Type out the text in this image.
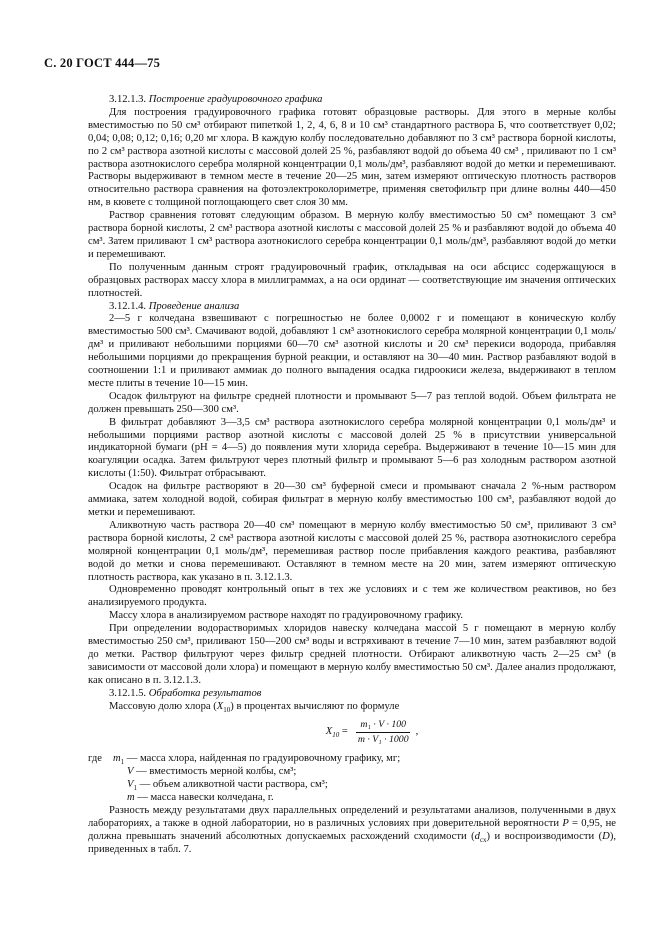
С. 20 ГОСТ 444—75

3.12.1.3. Построение градуировочного графика

Для построения градуировочного графика готовят образцовые растворы. Для этого в мерные колбы вместимостью по 50 см³ отбирают пипеткой 1, 2, 4, 6, 8 и 10 см³ стандартного раствора Б, что соответствует 0,02; 0,04; 0,08; 0,12; 0,16; 0,20 мг хлора. В каждую колбу последовательно добавляют по 3 см³ раствора борной кислоты, по 2 см³ раствора азотной кислоты с массовой долей 25 %, разбавляют водой до объема 40 см³ , приливают по 1 см³ раствора азотнокислого серебра молярной концентрации 0,1 моль/дм³, разбавляют водой до метки и перемешивают. Растворы выдерживают в темном месте в течение 20—25 мин, затем измеряют оптическую плотность растворов относительно раствора сравнения на фотоэлектроколориметре, применяя светофильтр при длине волны 440—450 нм, в кювете с толщиной поглощающего свет слоя 30 мм.

Раствор сравнения готовят следующим образом. В мерную колбу вместимостью 50 см³ помещают 3 см³ раствора борной кислоты, 2 см³ раствора азотной кислоты с массовой долей 25 % и разбавляют водой до объема 40 см³. Затем приливают 1 см³ раствора азотнокислого серебра концентрации 0,1 моль/дм³, разбавляют водой до метки и перемешивают.

По полученным данным строят градуировочный график, откладывая на оси абсцисс содержащуюся в образцовых растворах массу хлора в миллиграммах, а на оси ординат — соответствующие им значения оптических плотностей.

3.12.1.4. Проведение анализа

2—5 г колчедана взвешивают с погрешностью не более 0,0002 г и помещают в коническую колбу вместимостью 500 см³. Смачивают водой, добавляют 1 см³ азотнокислого серебра молярной концентрации 0,1 моль/дм³ и приливают небольшими порциями 60—70 см³ азотной кислоты и 20 см³ перекиси водорода, прибавляя небольшими порциями до прекращения бурной реакции, и оставляют на 30—40 мин. Раствор разбавляют водой в соотношении 1:1 и приливают аммиак до полного выпадения осадка гидроокиси железа, выдерживают в теплом месте плиты в течение 10—15 мин.

Осадок фильтруют на фильтре средней плотности и промывают 5—7 раз теплой водой. Объем фильтрата не должен превышать 250—300 см³.

В фильтрат добавляют 3—3,5 см³ раствора азотнокислого серебра молярной концентрации 0,1 моль/дм³ и небольшими порциями раствор азотной кислоты с массовой долей 25 % в присутствии универсальной индикаторной бумаги (рН = 4—5) до появления мути хлорида серебра. Выдерживают в течение 10—15 мин для коагуляции осадка. Затем фильтруют через плотный фильтр и промывают 5—6 раз холодным раствором азотной кислоты (1:50). Фильтрат отбрасывают.

Осадок на фильтре растворяют в 20—30 см³ буферной смеси и промывают сначала 2 %-ным раствором аммиака, затем холодной водой, собирая фильтрат в мерную колбу вместимостью 100 см³, разбавляют водой до метки и перемешивают.

Аликвотную часть раствора 20—40 см³ помещают в мерную колбу вместимостью 50 см³, приливают 3 см³ раствора борной кислоты, 2 см³ раствора азотной кислоты с массовой долей 25 %, раствора азотнокислого серебра молярной концентрации 0,1 моль/дм³, перемешивая раствор после прибавления каждого реактива, разбавляют водой до метки и снова перемешивают. Оставляют в темном месте на 20 мин, затем измеряют оптическую плотность раствора, как указано в п. 3.12.1.3.

Одновременно проводят контрольный опыт в тех же условиях и с тем же количеством реактивов, но без анализируемого продукта.

Массу хлора в анализируемом растворе находят по градуировочному графику.

При определении водорастворимых хлоридов навеску колчедана массой 5 г помещают в мерную колбу вместимостью 250 см³, приливают 150—200 см³ воды и встряхивают в течение 7—10 мин, затем разбавляют водой до метки. Раствор фильтруют через фильтр средней плотности. Отбирают аликвотную часть 2—25 см³ (в зависимости от массовой доли хлора) и помещают в мерную колбу вместимостью 50 см³. Далее анализ продолжают, как описано в п. 3.12.1.3.

3.12.1.5. Обработка результатов

Массовую долю хлора $(X_{10})$ в процентах вычисляют по формуле

$X_{10} = \frac{\text{m₁ · V · 100}}{\text{m · V₁ · 1000}}$ ,
где	$m_1$ — масса хлора, найденная по градуировочному графику, мг;
V — вместимость мерной колбы, см³;
$V_1$ — объем аликвотной части раствора, см³;
m — масса навески колчедана, г.

Разность между результатами двух параллельных определений и результатами анализов, полученными в двух лабораториях, а также в одной лаборатории, но в различных условиях при доверительной вероятности P = 0,95, не должна превышать значений абсолютных допускаемых расхождений сходимости $(d_{сх})$ и воспроизводимости (D), приведенных в табл. 7.
